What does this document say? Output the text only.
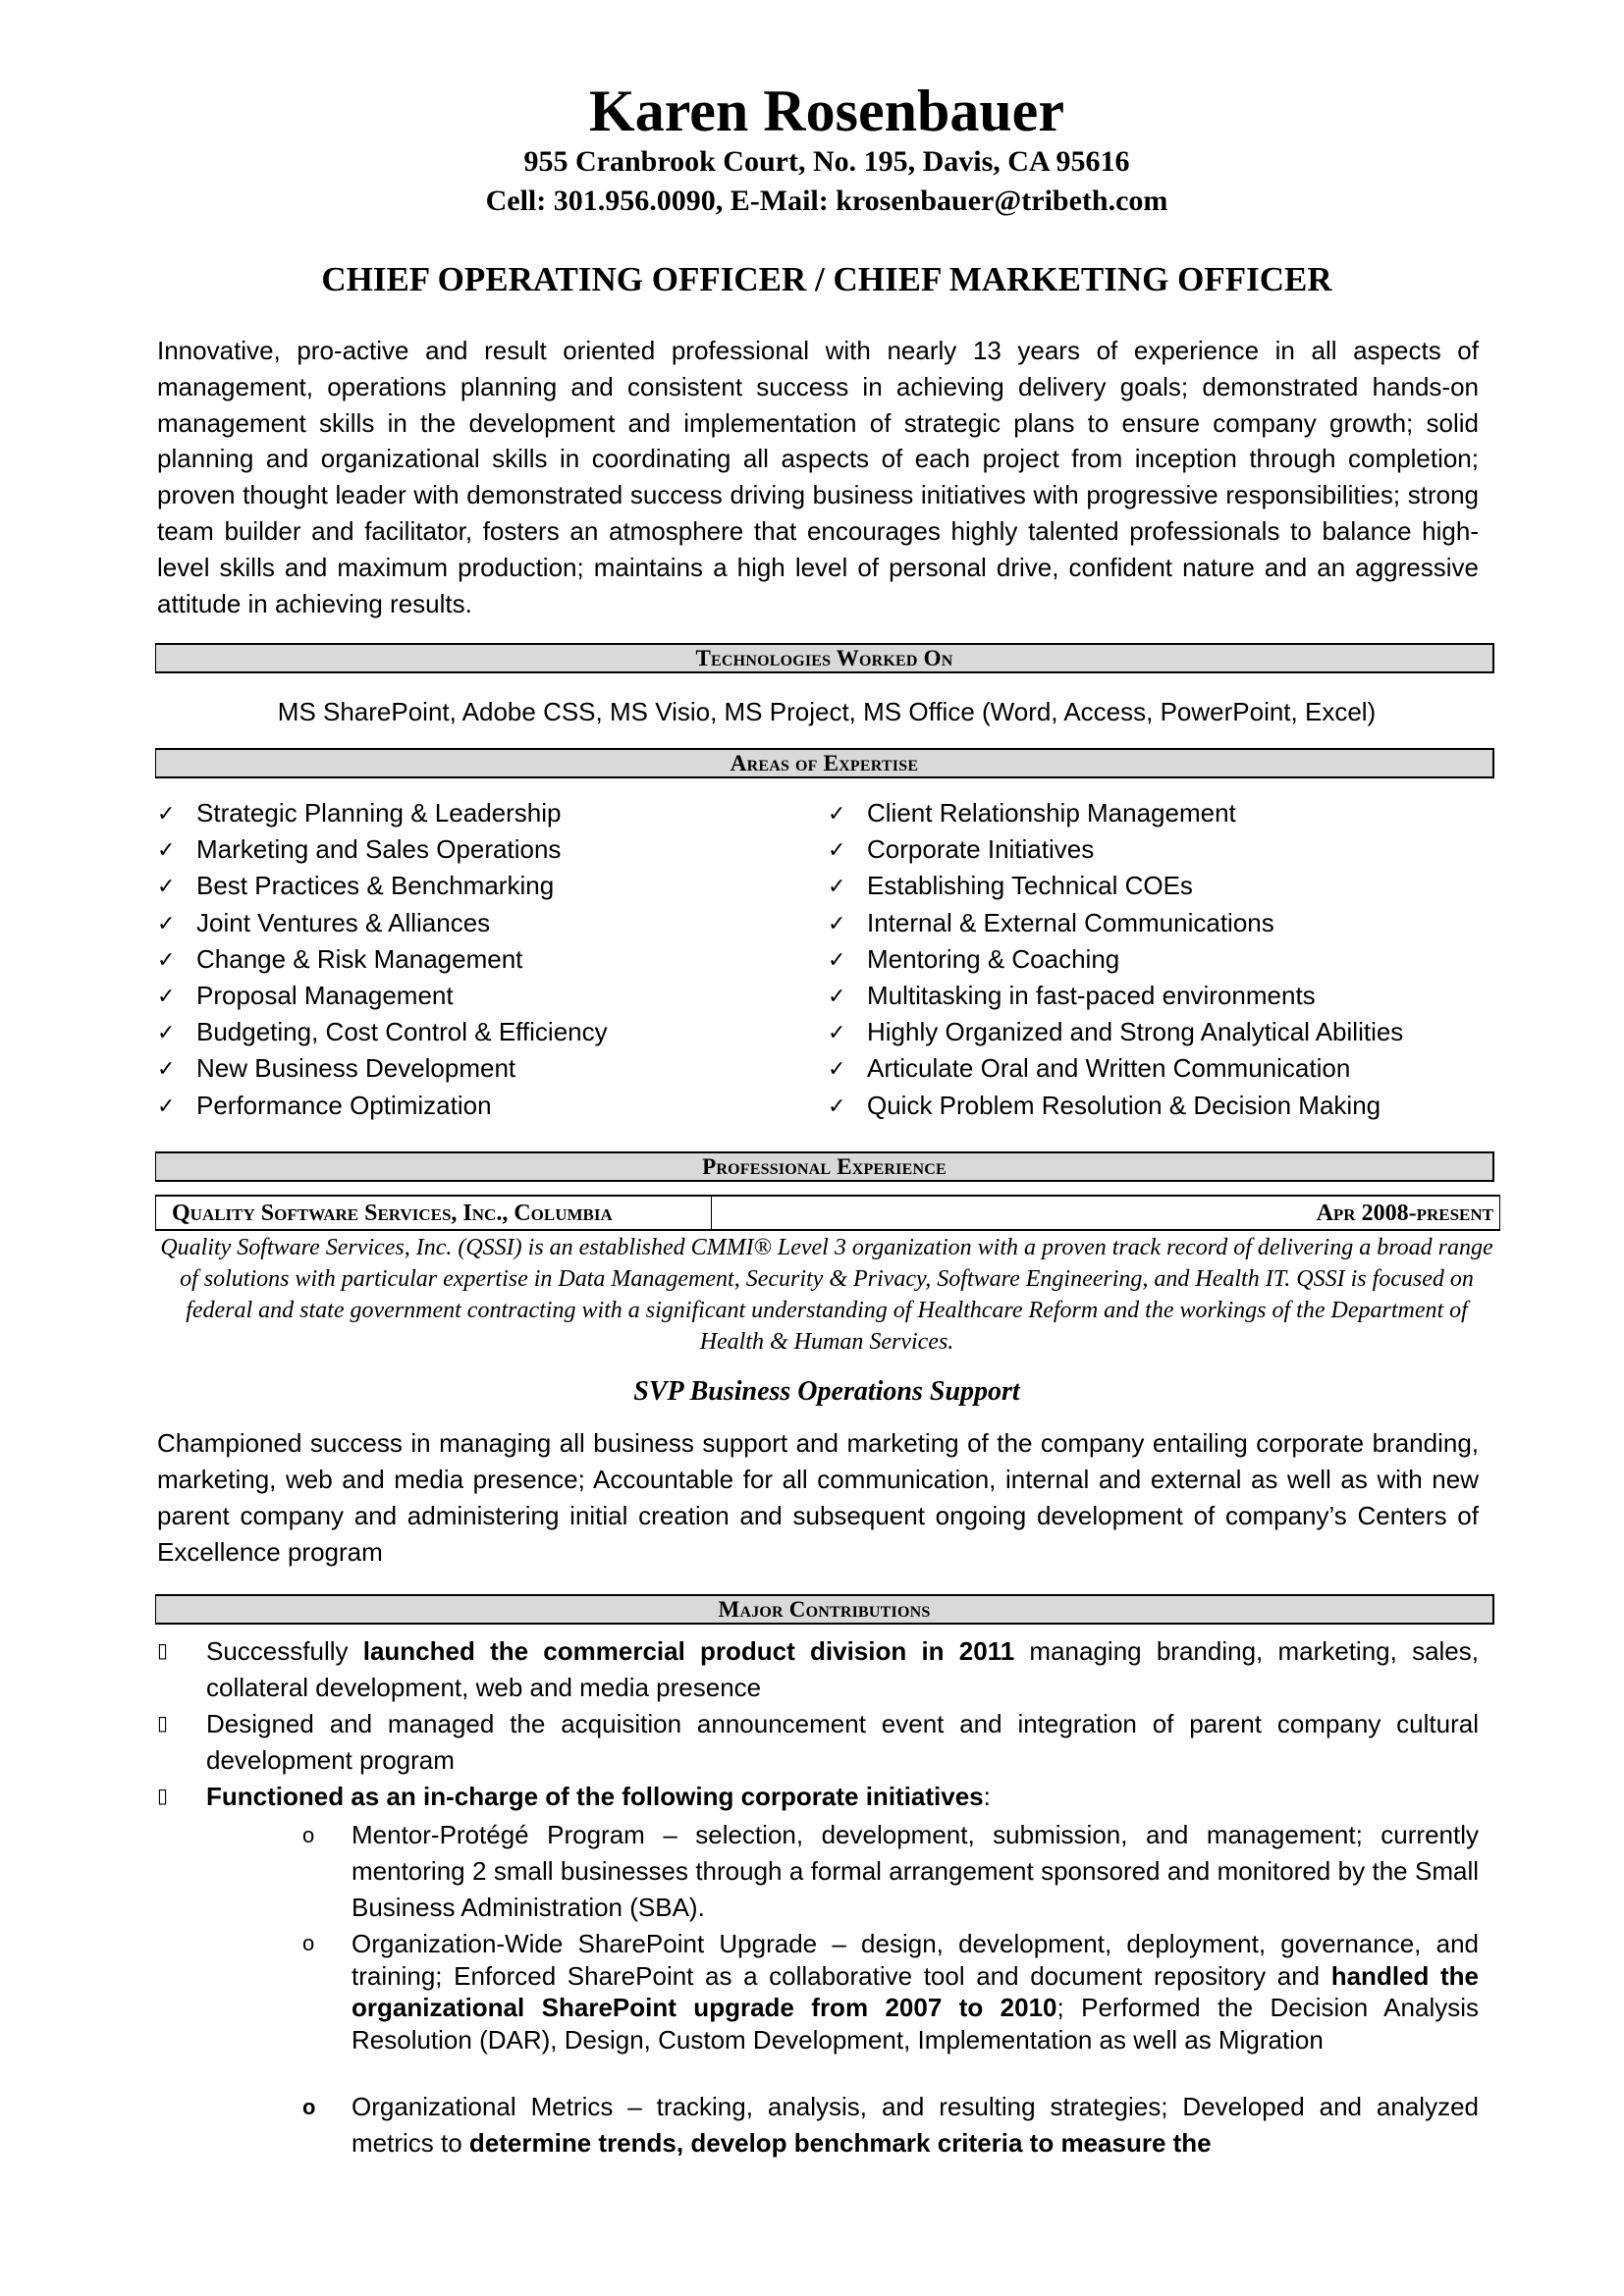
Karen Rosenbauer
955 Cranbrook Court, No. 195, Davis, CA 95616
Cell: 301.956.0090, E-Mail: krosenbauer@tribeth.com
CHIEF OPERATING OFFICER / CHIEF MARKETING OFFICER
Innovative, pro-active and result oriented professional with nearly 13 years of experience in all aspects of management, operations planning and consistent success in achieving delivery goals; demonstrated hands-on management skills in the development and implementation of strategic plans to ensure company growth; solid planning and organizational skills in coordinating all aspects of each project from inception through completion; proven thought leader with demonstrated success driving business initiatives with progressive responsibilities; strong team builder and facilitator, fosters an atmosphere that encourages highly talented professionals to balance high-level skills and maximum production; maintains a high level of personal drive, confident nature and an aggressive attitude in achieving results.
Technologies Worked On
MS SharePoint, Adobe CSS, MS Visio, MS Project, MS Office (Word, Access, PowerPoint, Excel)
Areas of Expertise
✓ Strategic Planning & Leadership
✓ Marketing and Sales Operations
✓ Best Practices & Benchmarking
✓ Joint Ventures & Alliances
✓ Change & Risk Management
✓ Proposal Management
✓ Budgeting, Cost Control & Efficiency
✓ New Business Development
✓ Performance Optimization
✓ Client Relationship Management
✓ Corporate Initiatives
✓ Establishing Technical COEs
✓ Internal & External Communications
✓ Mentoring & Coaching
✓ Multitasking in fast-paced environments
✓ Highly Organized and Strong Analytical Abilities
✓ Articulate Oral and Written Communication
✓ Quick Problem Resolution & Decision Making
Professional Experience
Quality Software Services, Inc., Columbia	Apr 2008-present
Quality Software Services, Inc. (QSSI) is an established CMMI® Level 3 organization with a proven track record of delivering a broad range of solutions with particular expertise in Data Management, Security & Privacy, Software Engineering, and Health IT. QSSI is focused on federal and state government contracting with a significant understanding of Healthcare Reform and the workings of the Department of Health & Human Services.
SVP Business Operations Support
Championed success in managing all business support and marketing of the company entailing corporate branding, marketing, web and media presence; Accountable for all communication, internal and external as well as with new parent company and administering initial creation and subsequent ongoing development of company’s Centers of Excellence program
Major Contributions
▯ Successfully launched the commercial product division in 2011 managing branding, marketing, sales, collateral development, web and media presence
▯ Designed and managed the acquisition announcement event and integration of parent company cultural development program
▯ Functioned as an in-charge of the following corporate initiatives:
o Mentor-Protégé Program – selection, development, submission, and management; currently mentoring 2 small businesses through a formal arrangement sponsored and monitored by the Small Business Administration (SBA).
o Organization-Wide SharePoint Upgrade – design, development, deployment, governance, and training; Enforced SharePoint as a collaborative tool and document repository and handled the organizational SharePoint upgrade from 2007 to 2010; Performed the Decision Analysis Resolution (DAR), Design, Custom Development, Implementation as well as Migration
o Organizational Metrics – tracking, analysis, and resulting strategies; Developed and analyzed metrics to determine trends, develop benchmark criteria to measure the
